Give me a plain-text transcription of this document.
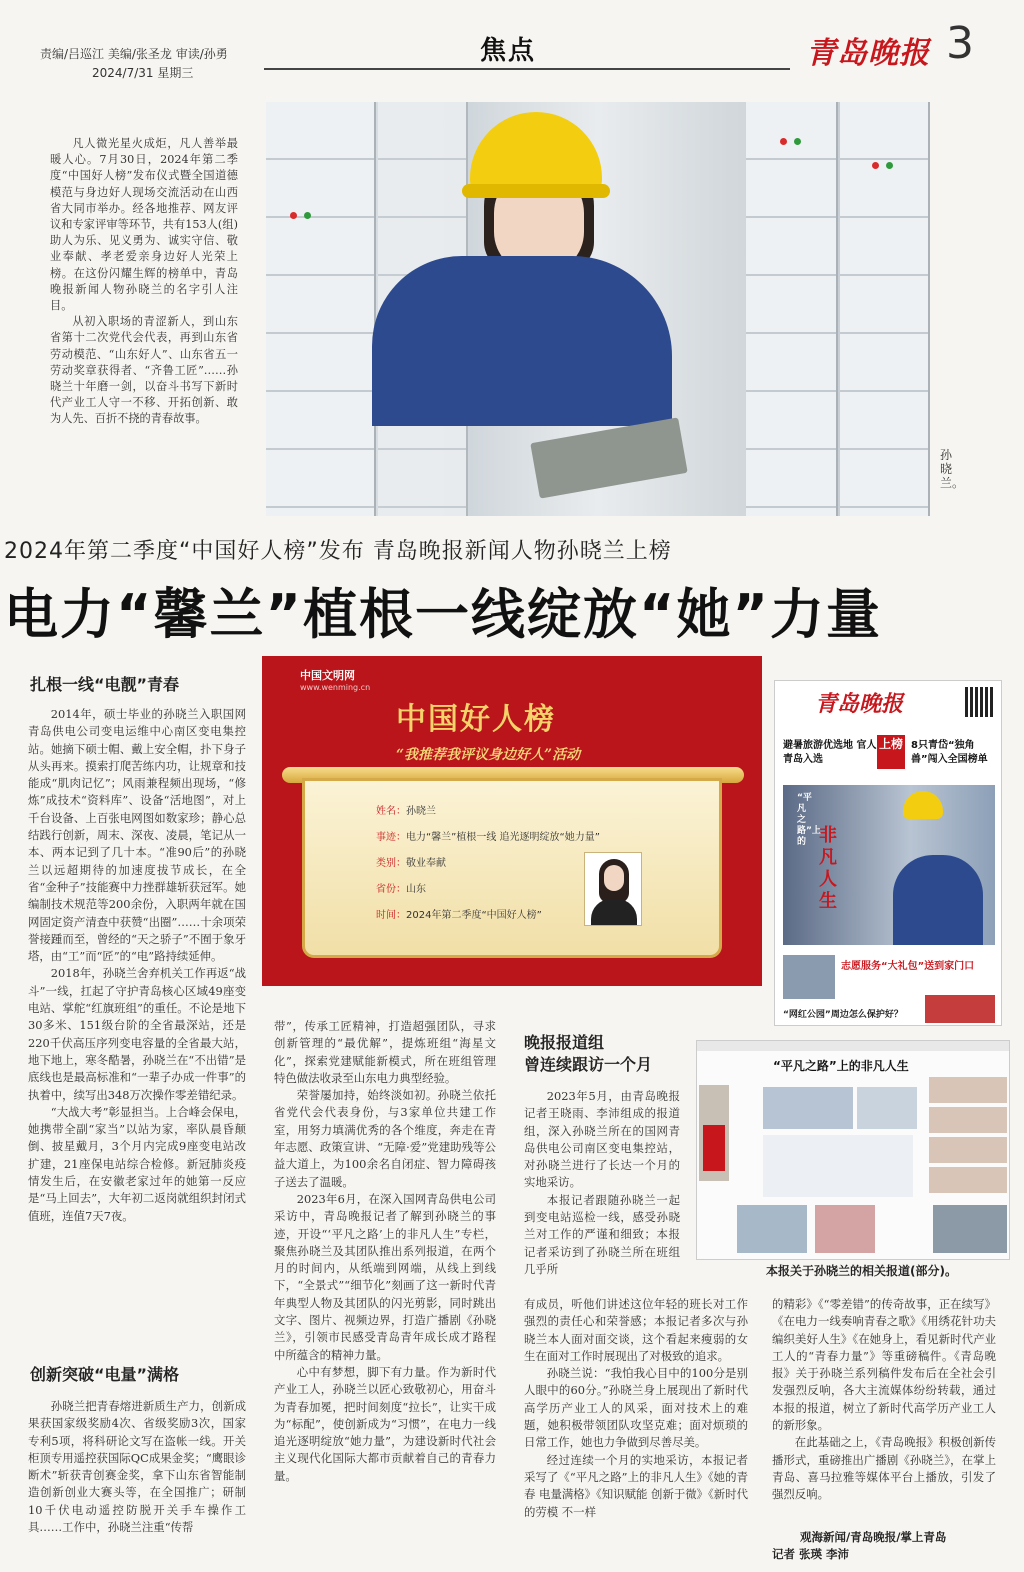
责编/吕巡江 美编/张圣龙 审读/孙勇
2024/7/31 星期三
焦点	青岛晚报 3

凡人微光星火成炬，凡人善举最暖人心。7月30日，2024年第二季度“中国好人榜”发布仪式暨全国道德模范与身边好人现场交流活动在山西省大同市举办。经各地推荐、网友评议和专家评审等环节，共有153人(组)助人为乐、见义勇为、诚实守信、敬业奉献、孝老爱亲身边好人光荣上榜。在这份闪耀生辉的榜单中，青岛晚报新闻人物孙晓兰的名字引人注目。

从初入职场的青涩新人，到山东省第十二次党代会代表，再到山东省劳动模范、“山东好人”、山东省五一劳动奖章获得者、“齐鲁工匠”……孙晓兰十年磨一剑，以奋斗书写下新时代产业工人守一不移、开拓创新、敢为人先、百折不挠的青春故事。

孙晓兰。
2024年第二季度“中国好人榜”发布 青岛晚报新闻人物孙晓兰上榜
电力“馨兰”植根一线绽放“她”力量
扎根一线“电靓”青春

2014年，硕士毕业的孙晓兰入职国网青岛供电公司变电运维中心南区变电集控站。她摘下硕士帽、戴上安全帽，扑下身子从头再来。摸索打爬苦练内功，让规章和技能成“肌肉记忆”；风雨兼程频出现场，“修炼”成技术“资料库”、设备“活地图”，对上千台设备、上百张电网图如数家珍；静心总结践行创新，周末、深夜、凌晨，笔记从一本、两本记到了几十本。“准90后”的孙晓兰以远超期待的加速度拔节成长，在全省“金种子”技能赛中力挫群雄斩获冠军。她编制技术规范等200余份，入职两年就在国网固定资产清查中获赞“出圈”……十余项荣誉接踵而至，曾经的“天之骄子”不囿于象牙塔，由“工”而“匠”的“电”路持续延伸。

2018年，孙晓兰舍弃机关工作再返“战斗”一线，扛起了守护青岛核心区域49座变电站、掌舵“红旗班组”的重任。不论是地下30多米、151级台阶的全省最深站，还是220千伏高压序列变电容量的全省最大站，地下地上，寒冬酷暑，孙晓兰在“不出错”是底线也是最高标准和“一辈子办成一件事”的执着中，续写出348万次操作零差错纪录。

“大战大考”彰显担当。上合峰会保电，她携带全副“家当”以站为家，率队晨昏颠倒、披星戴月，3个月内完成9座变电站改扩建，21座保电站综合检修。新冠肺炎疫情发生后，在安徽老家过年的她第一反应是“马上回去”，大年初二返岗就组织封闭式值班，连值7天7夜。

创新突破“电量”满格

孙晓兰把青春熔进新质生产力，创新成果获国家级奖励4次、省级奖励3次，国家专利5项，将科研论文写在盗帐一线。开关柜顶专用遥控获国际QC成果金奖；“鹰眼诊断术”斩获青创赛金奖，拿下山东省智能制造创新创业大赛头等，在全国推广；研制10千伏电动遥控防脱开关手车操作工具……工作中，孙晓兰注重“传帮

中国文明网
www.wenming.cn
中国好人榜
“我推荐我评议身边好人”活动
姓名：孙晓兰
事迹：电力“馨兰”植根一线 追光逐明绽放“她力量”
类别：敬业奉献
省份：山东
时间：2024年第二季度“中国好人榜”
青岛晚报
避暑旅游优选地 官人青岛入选
上榜 8只青岱“独角兽”闯入全国榜单
“平凡之路”上的 非凡人生
志愿服务“大礼包”送到家门口
“网红公园”周边怎么保护好？

带”，传承工匠精神，打造超强团队，寻求创新管理的“最优解”，提炼班组“海星文化”，探索党建赋能新模式，所在班组管理特色做法收录至山东电力典型经验。

荣誉屡加持，始终淡如初。孙晓兰依托省党代会代表身份，与3家单位共建工作室，用努力填满优秀的各个维度，奔走在青年志愿、政策宣讲、“无障·爱”党建助残等公益大道上，为100余名自闭症、智力障碍孩子送去了温暖。

2023年6月，在深入国网青岛供电公司采访中，青岛晚报记者了解到孙晓兰的事迹，开设“‘平凡之路’上的非凡人生”专栏，聚焦孙晓兰及其团队推出系列报道，在两个月的时间内，从纸端到网端，从线上到线下，“全景式”“细节化”刻画了这一新时代青年典型人物及其团队的闪光剪影，同时跳出文字、图片、视频边界，打造广播剧《孙晓兰》，引领市民感受青岛青年成长成才路程中所蕴含的精神力量。

心中有梦想，脚下有力量。作为新时代产业工人，孙晓兰以匠心致敬初心，用奋斗为青春加冕，把时间刻度“拉长”，让实干成为“标配”，使创新成为“习惯”，在电力一线追光逐明绽放“她力量”，为建设新时代社会主义现代化国际大都市贡献着自己的青春力量。

晚报报道组
曾连续跟访一个月

2023年5月，由青岛晚报记者王晓雨、李沛组成的报道组，深入孙晓兰所在的国网青岛供电公司南区变电集控站，对孙晓兰进行了长达一个月的实地采访。

本报记者跟随孙晓兰一起到变电站巡检一线，感受孙晓兰对工作的严谨和细致；本报记者采访到了孙晓兰所在班组几乎所

“平凡之路”上的非凡人生
本报关于孙晓兰的相关报道(部分)。

有成员，听他们讲述这位年轻的班长对工作强烈的责任心和荣誉感；本报记者多次与孙晓兰本人面对面交谈，这个看起来瘦弱的女生在面对工作时展现出了对极致的追求。

孙晓兰说：“我怕我心目中的100分是别人眼中的60分。”孙晓兰身上展现出了新时代高学历产业工人的风采，面对技术上的难题，她积极带领团队攻坚克难；面对烦琐的日常工作，她也力争做到尽善尽美。

经过连续一个月的实地采访，本报记者采写了《“平凡之路”上的非凡人生》《她的青春 电量满格》《知识赋能 创新于微》《新时代的劳模 不一样

的精彩》《“零差错”的传奇故事，正在续写》《在电力一线奏响青春之歌》《用绣花针功夫编织美好人生》《在她身上，看见新时代产业工人的“青春力量”》等重磅稿件。《青岛晚报》关于孙晓兰系列稿件发布后在全社会引发强烈反响，各大主流媒体纷纷转载，通过本报的报道，树立了新时代高学历产业工人的新形象。

在此基础之上，《青岛晚报》积极创新传播形式，重磅推出广播剧《孙晓兰》，在掌上青岛、喜马拉雅等媒体平台上播放，引发了强烈反响。

观海新闻/青岛晚报/掌上青岛
记者 张瑛 李沛
